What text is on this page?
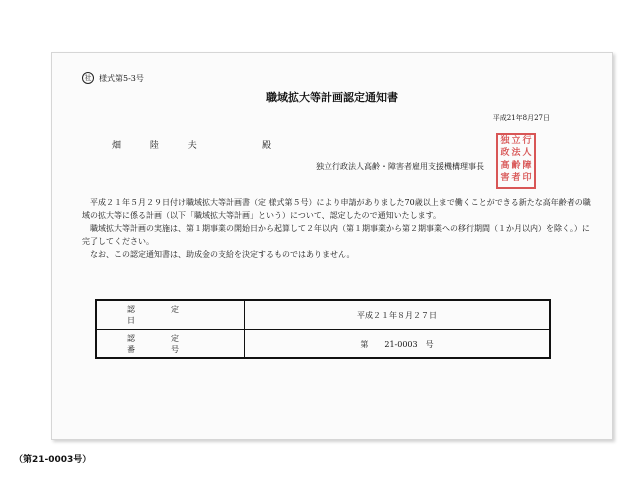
社 様式第5-3号
職域拡大等計画認定通知書
平成21年8月27日
畑 陸 夫	殿
独立行政法人高齢・障害者雇用支援機構理事長
独 立 行
政 法 人
高 齢 障
害 者 印

平成２１年５月２９日付け職域拡大等計画書（定 様式第５号）により申請がありました70歳以上まで働くことができる新たな高年齢者の職域の拡大等に係る計画（以下「職域拡大等計画」という）について、認定したので通知いたします。

職域拡大等計画の実施は、第１期事業の開始日から起算して２年以内（第１期事業から第２期事業への移行期間（１か月以内）を除く。）に完了してください。

なお、この認定通知書は、助成金の支給を決定するものではありません。

認定日
平成２１年８月２７日
認定番号
第　　21-0003　号
（第21-0003号）
